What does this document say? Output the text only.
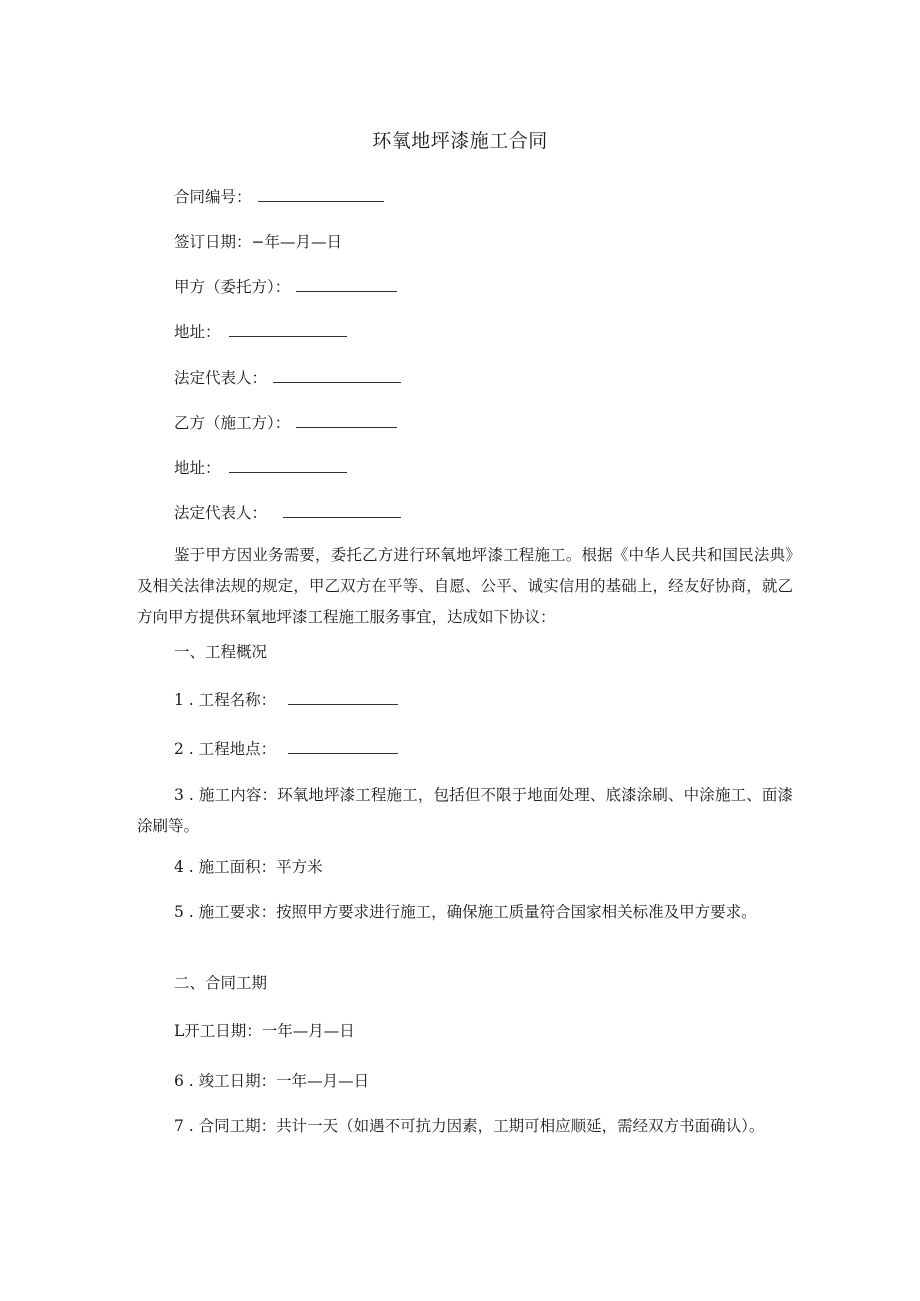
环氧地坪漆施工合同
合同编号：
签订日期：−年—月—日
甲方（委托方）：
地址：
法定代表人：
乙方（施工方）：
地址：
法定代表人：
鉴于甲方因业务需要，委托乙方进行环氧地坪漆工程施工。根据《中华人民共和国民法典》及相关法律法规的规定，甲乙双方在平等、自愿、公平、诚实信用的基础上，经友好协商，就乙方向甲方提供环氧地坪漆工程施工服务事宜，达成如下协议：
一、工程概况
1 . 工程名称：
2 . 工程地点：
3 . 施工内容：环氧地坪漆工程施工，包括但不限于地面处理、底漆涂刷、中涂施工、面漆涂刷等。
4 . 施工面积：平方米
5 . 施工要求：按照甲方要求进行施工，确保施工质量符合国家相关标准及甲方要求。
二、合同工期
L开工日期：一年—月—日
6 . 竣工日期：一年—月—日
7 . 合同工期：共计一天（如遇不可抗力因素，工期可相应顺延，需经双方书面确认）。
